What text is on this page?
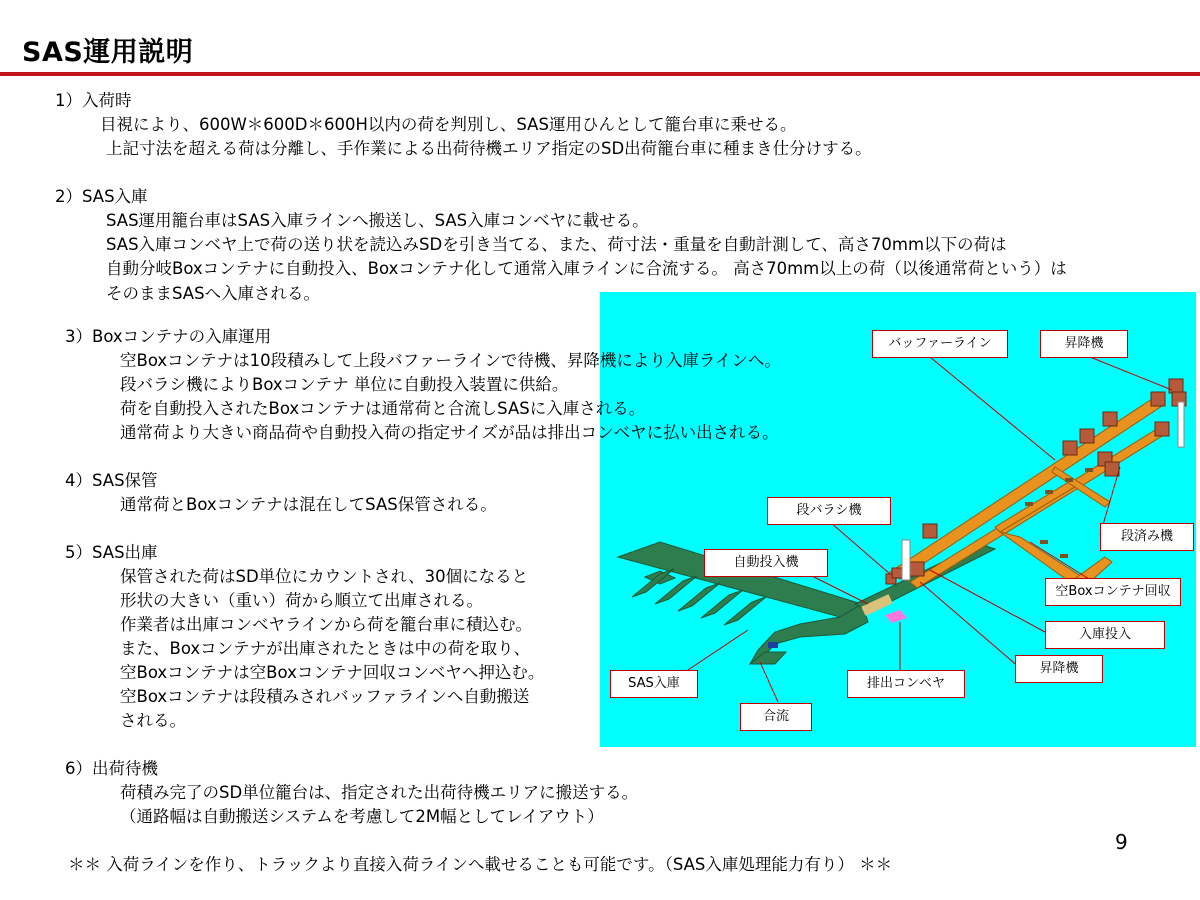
SAS運用説明
1）入荷時
目視により、600W＊600D＊600H以内の荷を判別し、SAS運用ひんとして籠台車に乗せる。
上記寸法を超える荷は分離し、手作業による出荷待機エリア指定のSD出荷籠台車に種まき仕分けする。
2）SAS入庫
SAS運用籠台車はSAS入庫ラインへ搬送し、SAS入庫コンベヤに載せる。
SAS入庫コンベヤ上で荷の送り状を読込みSDを引き当てる、また、荷寸法・重量を自動計測して、高さ70mm以下の荷は
自動分岐Boxコンテナに自動投入、Boxコンテナ化して通常入庫ラインに合流する。 高さ70mm以上の荷（以後通常荷という）は
そのままSASへ入庫される。
バッファーライン	昇降機
段バラシ機
段済み機
自動投入機
空Boxコンテナ回収
入庫投入
SAS入庫	排出コンベヤ
昇降機
合流
3）Boxコンテナの入庫運用
空Boxコンテナは10段積みして上段バファーラインで待機、昇降機により入庫ラインへ。
段バラシ機によりBoxコンテナ 単位に自動投入装置に供給。
荷を自動投入されたBoxコンテナは通常荷と合流しSASに入庫される。
通常荷より大きい商品荷や自動投入荷の指定サイズが品は排出コンベヤに払い出される。
4）SAS保管
通常荷とBoxコンテナは混在してSAS保管される。
5）SAS出庫
保管された荷はSD単位にカウントされ、30個になると
形状の大きい（重い）荷から順立て出庫される。
作業者は出庫コンベヤラインから荷を籠台車に積込む。
また、Boxコンテナが出庫されたときは中の荷を取り、
空Boxコンテナは空Boxコンテナ回収コンベヤへ押込む。
空Boxコンテナは段積みされバッファラインへ自動搬送
される。
6）出荷待機
荷積み完了のSD単位籠台は、指定された出荷待機エリアに搬送する。
（通路幅は自動搬送システムを考慮して2M幅としてレイアウト）
9
＊＊ 入荷ラインを作り、トラックより直接入荷ラインへ載せることも可能です。（SAS入庫処理能力有り） ＊＊
